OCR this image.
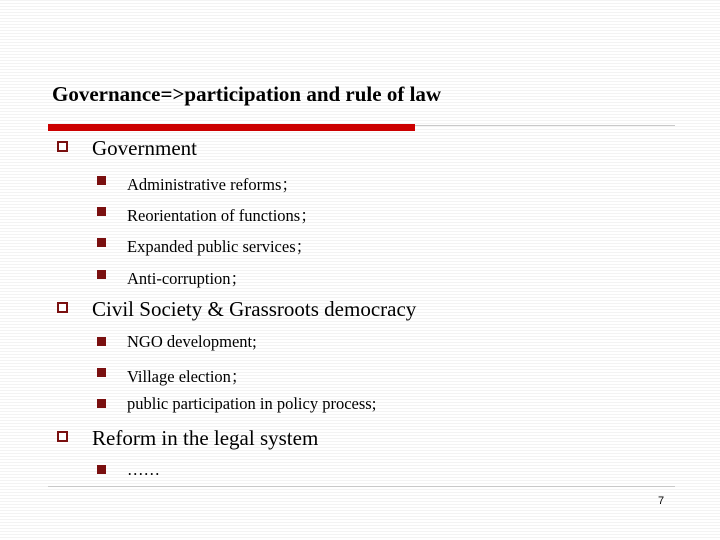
Governance=>participation and rule of law
Government
Administrative reforms；
Reorientation of functions；
Expanded public services；
Anti-corruption；
Civil Society & Grassroots democracy
NGO development;
Village election；
public participation in policy process;
Reform in the legal system
……
7
